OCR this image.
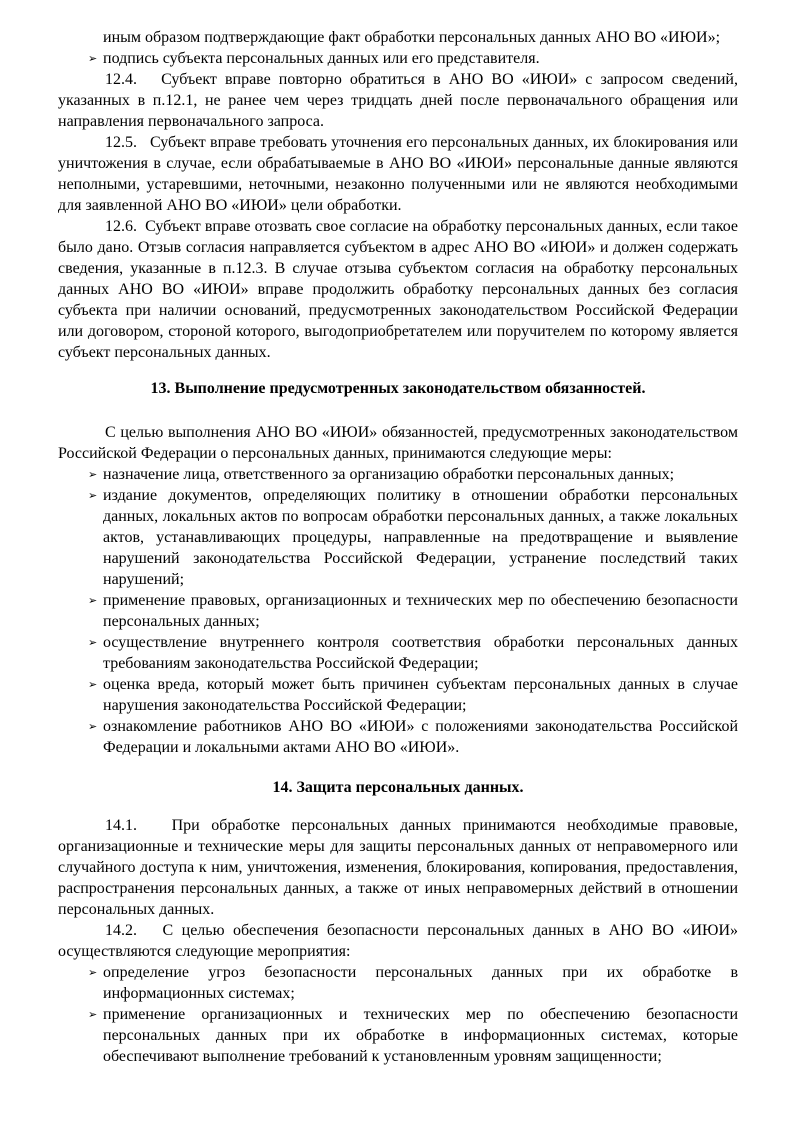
иным образом подтверждающие факт обработки персональных данных АНО ВО «ИЮИ»;
➢ подпись субъекта персональных данных или его представителя.

12.4.   Субъект вправе повторно обратиться в АНО ВО «ИЮИ» с запросом сведений, указанных в п.12.1, не ранее чем через тридцать дней после первоначального обращения или направления первоначального запроса.

12.5.   Субъект вправе требовать уточнения его персональных данных, их блокирования или уничтожения в случае, если обрабатываемые в АНО ВО «ИЮИ» персональные данные являются неполными, устаревшими, неточными, незаконно полученными или не являются необходимыми для заявленной АНО ВО «ИЮИ» цели обработки.

12.6.  Субъект вправе отозвать свое согласие на обработку персональных данных, если такое было дано. Отзыв согласия направляется субъектом в адрес АНО ВО «ИЮИ» и должен содержать сведения, указанные в п.12.3. В случае отзыва субъектом согласия на обработку персональных данных АНО ВО «ИЮИ» вправе продолжить обработку персональных данных без согласия субъекта при наличии оснований, предусмотренных законодательством Российской Федерации или договором, стороной которого, выгодоприобретателем или поручителем по которому является субъект персональных данных.

13. Выполнение предусмотренных законодательством обязанностей.

С целью выполнения АНО ВО «ИЮИ» обязанностей, предусмотренных законодательством Российской Федерации о персональных данных, принимаются следующие меры:

➢ назначение лица, ответственного за организацию обработки персональных данных;
➢ издание документов, определяющих политику в отношении обработки персональных данных, локальных актов по вопросам обработки персональных данных, а также локальных актов, устанавливающих процедуры, направленные на предотвращение и выявление нарушений законодательства Российской Федерации, устранение последствий таких нарушений;
➢ применение правовых, организационных и технических мер по обеспечению безопасности персональных данных;
➢ осуществление внутреннего контроля соответствия обработки персональных данных требованиям законодательства Российской Федерации;
➢ оценка вреда, который может быть причинен субъектам персональных данных в случае нарушения законодательства Российской Федерации;
➢ ознакомление работников АНО ВО «ИЮИ» с положениями законодательства Российской Федерации и локальными актами АНО ВО «ИЮИ».

14. Защита персональных данных.

14.1.   При обработке персональных данных принимаются необходимые правовые, организационные и технические меры для защиты персональных данных от неправомерного или случайного доступа к ним, уничтожения, изменения, блокирования, копирования, предоставления, распространения персональных данных, а также от иных неправомерных действий в отношении персональных данных.

14.2.   С целью обеспечения безопасности персональных данных в АНО ВО «ИЮИ» осуществляются следующие мероприятия:

➢ определение угроз безопасности персональных данных при их обработке в информационных системах;
➢ применение организационных и технических мер по обеспечению безопасности персональных данных при их обработке в информационных системах, которые обеспечивают выполнение требований к установленным уровням защищенности;
